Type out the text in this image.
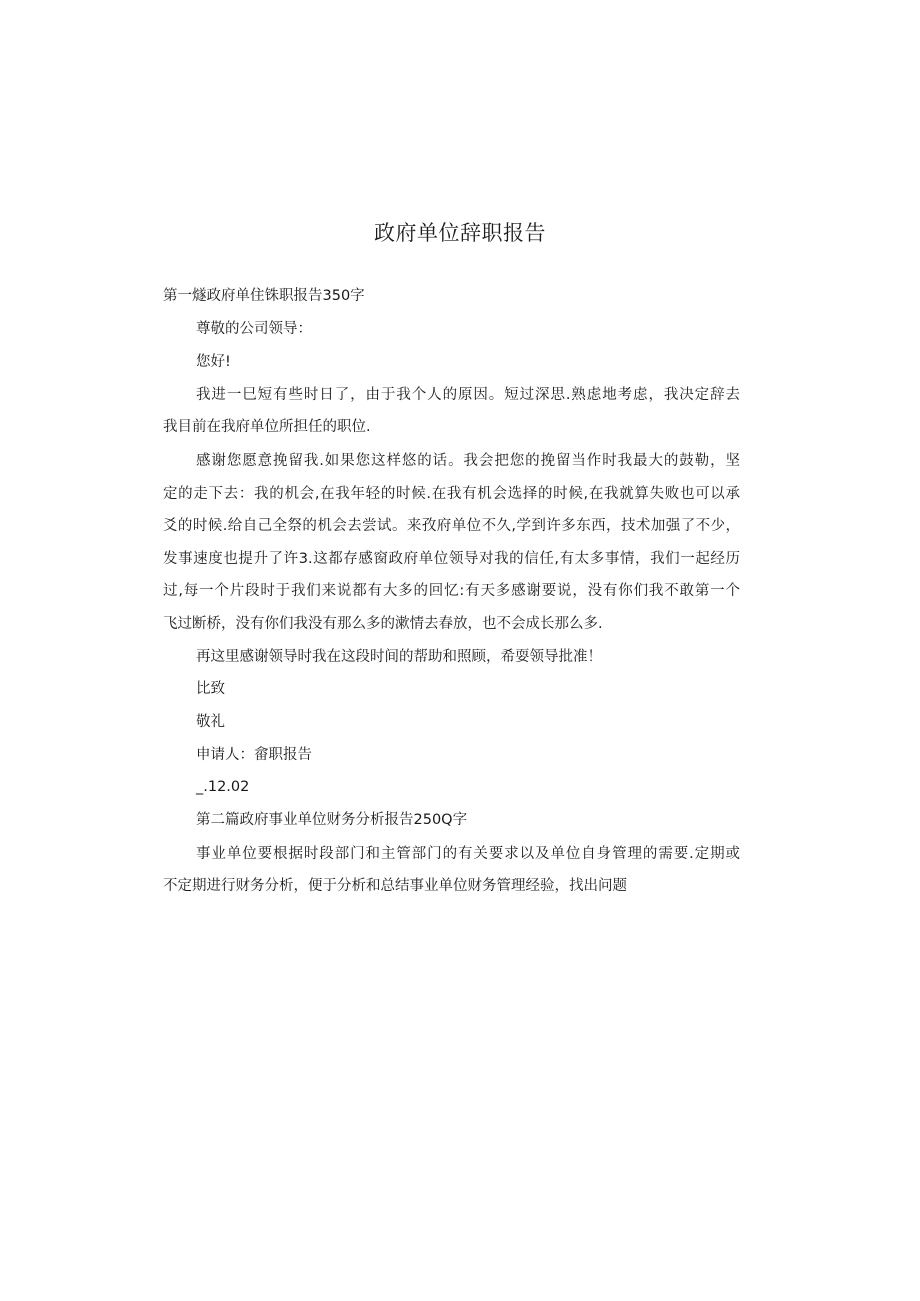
政府单位辞职报告
第一燧政府单住铢职报告350字
尊敬的公司领导：
您好!
我进一巳短有些时日了，由于我个人的原因。短过深思.熟虑地考虑，我决定辞去
我目前在我府单位所担任的职位.
感谢您愿意挽留我.如果您这样悠的话。我会把您的挽留当作时我最大的鼓勒，坚
定的走下去：我的机会,在我年轻的时候.在我有机会选择的时候,在我就算失败也可以承
爻的时候.给自己全祭的机会去尝试。来孜府单位不久,学到许多东西，技术加强了不少，
发事速度也提升了许3.这都存感窗政府单位领导对我的信任,有太多事情，我们一起经历
过,每一个片段时于我们来说都有大多的回忆:有天多感谢要说，没有你们我不敢第一个
飞过断桥，没有你们我没有那么多的漱情去春放，也不会成长那么多.
再这里感谢领导时我在这段时间的帮助和照顾，希耍领导批准！
比致
敬礼
申请人：畲职报告
_.12.02
第二篇政府事业单位财务分析报告250Q字
事业单位要根据时段部门和主管部门的有关要求以及单位自身管理的需要.定期或
不定期进行财务分析，便于分析和总结事业单位财务管理经验，找出问题
